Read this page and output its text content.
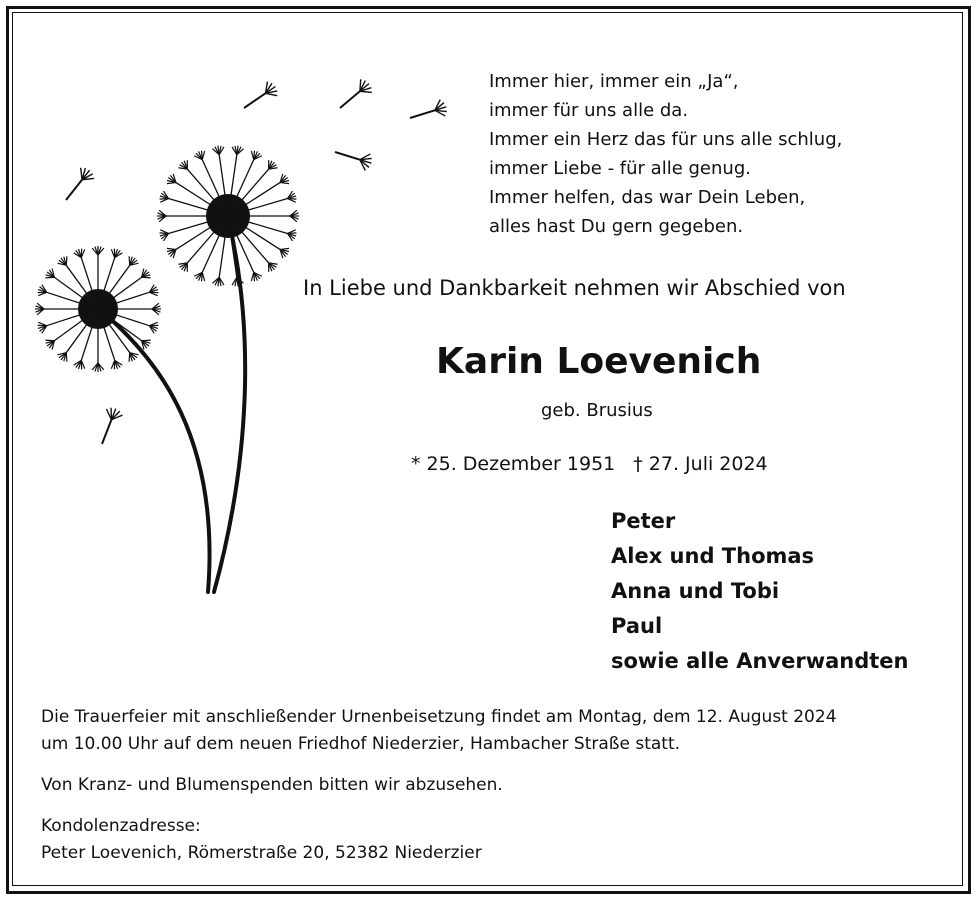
Immer hier, immer ein „Ja“,
immer für uns alle da.
Immer ein Herz das für uns alle schlug,
immer Liebe - für alle genug.
Immer helfen, das war Dein Leben,
alles hast Du gern gegeben.
In Liebe und Dankbarkeit nehmen wir Abschied von
Karin Loevenich
geb. Brusius
* 25. Dezember 1951 † 27. Juli 2024
Peter
Alex und Thomas
Anna und Tobi
Paul
sowie alle Anverwandten
Die Trauerfeier mit anschließender Urnenbeisetzung findet am Montag, dem 12. August 2024
um 10.00 Uhr auf dem neuen Friedhof Niederzier, Hambacher Straße statt.
Von Kranz- und Blumenspenden bitten wir abzusehen.
Kondolenzadresse:
Peter Loevenich, Römerstraße 20, 52382 Niederzier
